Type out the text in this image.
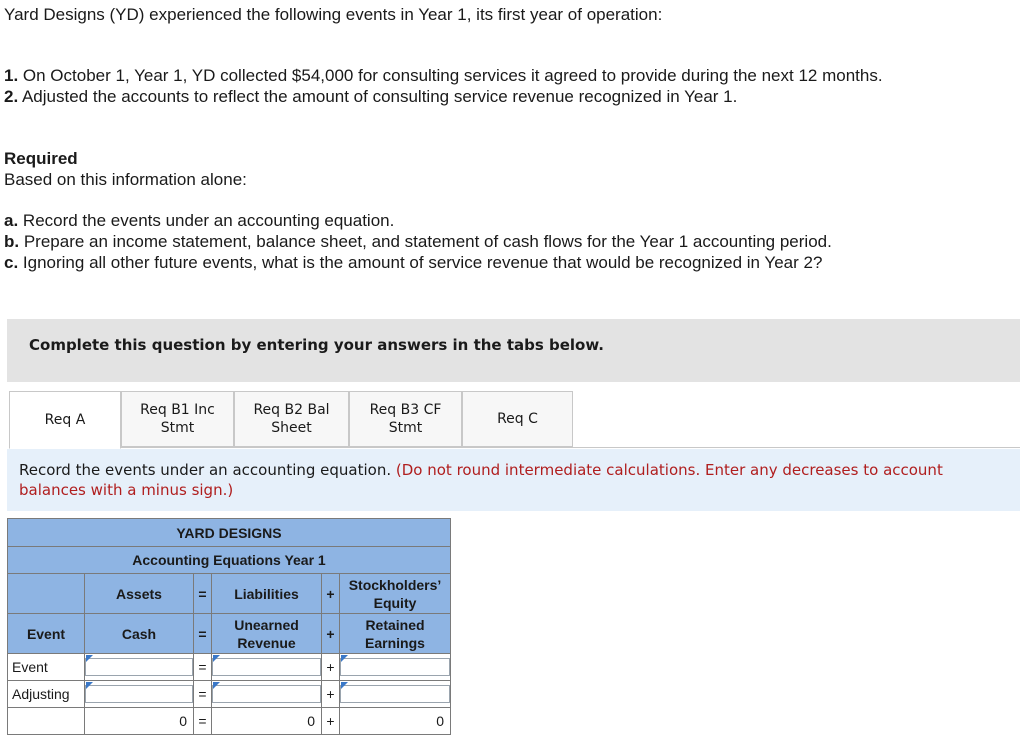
Yard Designs (YD) experienced the following events in Year 1, its first year of operation:

1. On October 1, Year 1, YD collected $54,000 for consulting services it agreed to provide during the next 12 months.

2. Adjusted the accounts to reflect the amount of consulting service revenue recognized in Year 1.

Required

Based on this information alone:

a. Record the events under an accounting equation.

b. Prepare an income statement, balance sheet, and statement of cash flows for the Year 1 accounting period.

c. Ignoring all other future events, what is the amount of service revenue that would be recognized in Year 2?

Complete this question by entering your answers in the tabs below.
Req A
Req B1 Inc
Stmt
Req B2 Bal
Sheet
Req B3 CF
Stmt
Req C
Record the events under an accounting equation. (Do not round intermediate calculations. Enter any decreases to account balances with a minus sign.)
YARD DESIGNS					
Accounting Equations Year 1					
	Assets	=	Liabilities	+	Stockholders’
Equity
Event	Cash	=	Unearned
Revenue	+	Retained
Earnings
Event		=		+	

Adjusting		=		+	

	0	=	0	+	0
